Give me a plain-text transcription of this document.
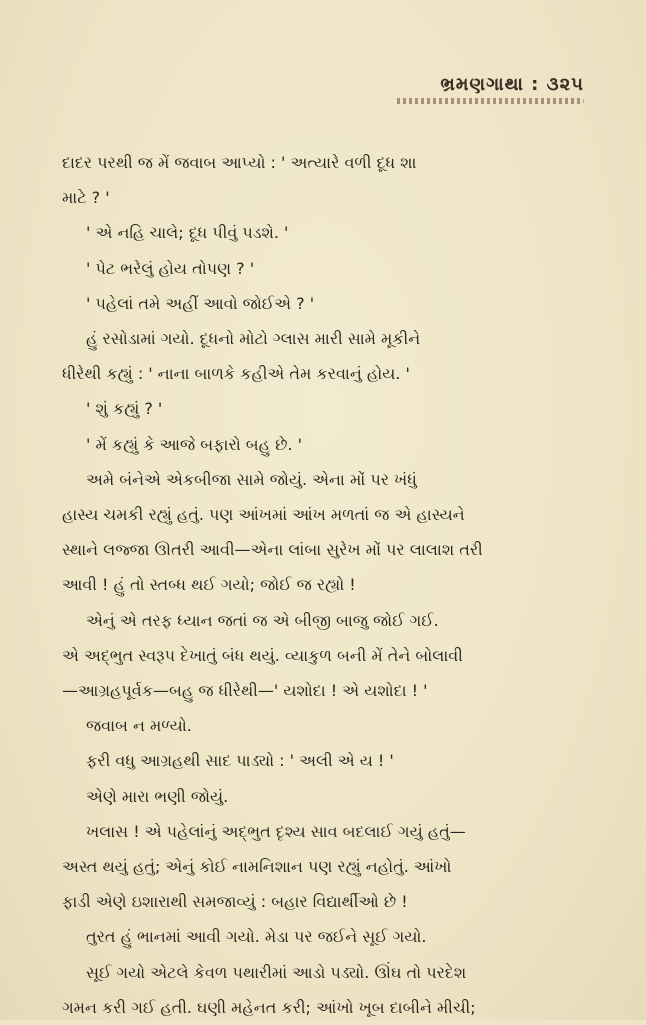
ભ્રમણગાથા : ૩૨૫

દાદર પરથી જ મેં જવાબ આપ્યો : ' અત્યારે વળી દૂધ શા

માટે ? '

' એ નહિ ચાલે; દૂધ પીવું પડશે. '

' પેટ ભરેલું હોય તોપણ ? '

' પહેલાં તમે અહીં આવો જોઈએ ? '

હું રસોડામાં ગયો. દૂધનો મોટો ગ્લાસ મારી સામે મૂકીને

ધીરેથી કહ્યું : ' નાના બાળકે કહીએ તેમ કરવાનું હોય. '

' શું કહ્યું ? '

' મેં કહ્યું કે આજે બફારો બહુ છે. '

અમે બંનેએ એકબીજા સામે જોયું. એના મોં પર ખંધું

હાસ્ય ચમકી રહ્યું હતું. પણ આંખમાં આંખ મળતાં જ એ હાસ્યને

સ્થાને લજ્જા ઊતરી આવી—એના લાંબા સુરેખ મોં પર લાલાશ તરી

આવી ! હું તો સ્તબ્ધ થઈ ગયો; જોઈ જ રહ્યો !

એનું એ તરફ ધ્યાન જતાં જ એ બીજી બાજુ જોઈ ગઈ.

એ અદ્ભુત સ્વરૂપ દેખાતું બંધ થયું. વ્યાકુળ બની મેં તેને બોલાવી

—આગ્રહપૂર્વક—બહુ જ ધીરેથી—' યશોદા ! એ યશોદા ! '

જવાબ ન મળ્યો.

ફરી વધુ આગ્રહથી સાદ પાડ્યો : ' અલી એ ય ! '

એણે મારા ભણી જોયું.

ખલાસ ! એ પહેલાંનું અદ્ભુત દૃશ્ય સાવ બદલાઈ ગયું હતું—

અસ્ત થયું હતું; એનું કોઈ નામનિશાન પણ રહ્યું નહોતું. આંખો

ફાડી એણે ઇશારાથી સમજાવ્યું : બહાર વિદ્યાર્થીઓ છે !

તુરત હું ભાનમાં આવી ગયો. મેડા પર જઈને સૂઈ ગયો.

સૂઈ ગયો એટલે કેવળ પથારીમાં આડો પડ્યો. ઊંઘ તો પરદેશ

ગમન કરી ગઈ હતી. ઘણી મહેનત કરી; આંખો ખૂબ દાબીને મીચી;
